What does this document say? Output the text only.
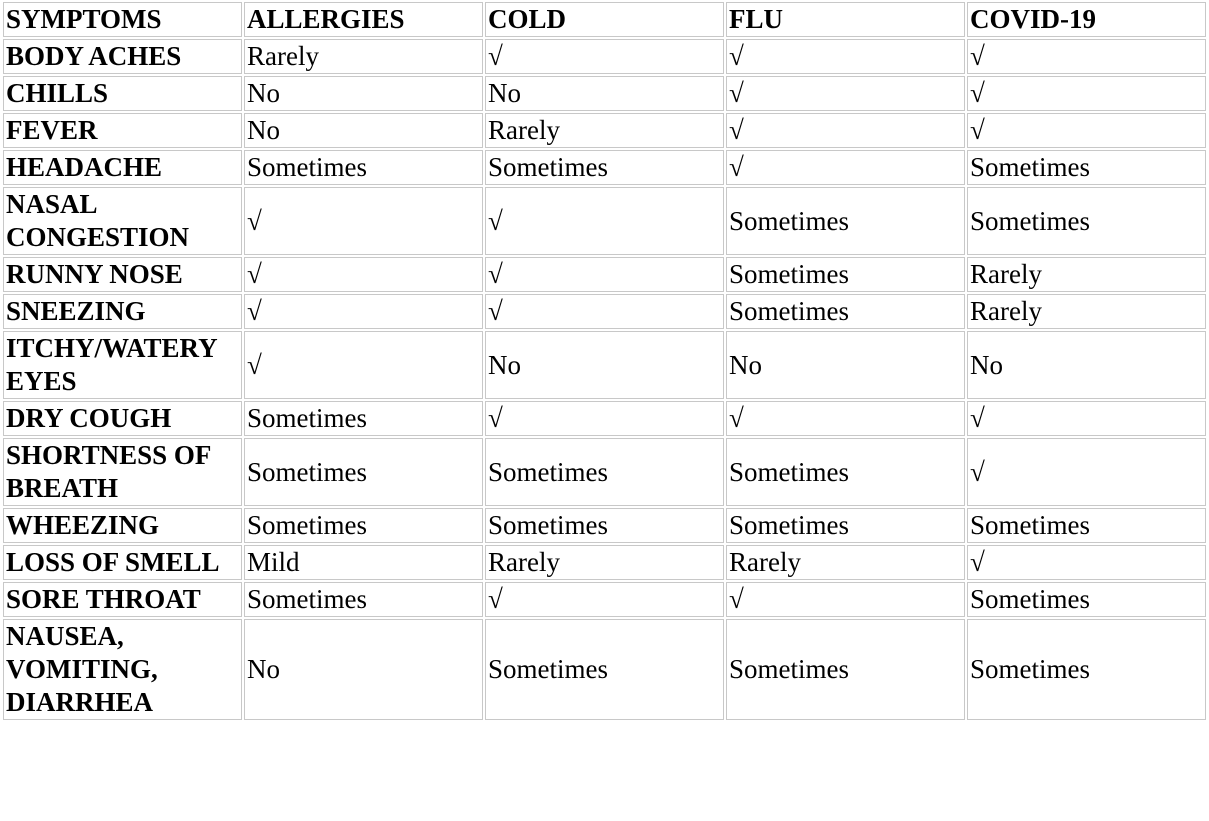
SYMPTOMS	ALLERGIES	COLD	FLU	COVID-19
BODY ACHES	Rarely	√	√	√
CHILLS	No	No	√	√
FEVER	No	Rarely	√	√
HEADACHE	Sometimes	Sometimes	√	Sometimes
NASAL CONGESTION	√	√	Sometimes	Sometimes
RUNNY NOSE	√	√	Sometimes	Rarely
SNEEZING	√	√	Sometimes	Rarely
ITCHY/WATERY EYES	√	No	No	No
DRY COUGH	Sometimes	√	√	√
SHORTNESS OF BREATH	Sometimes	Sometimes	Sometimes	√
WHEEZING	Sometimes	Sometimes	Sometimes	Sometimes
LOSS OF SMELL	Mild	Rarely	Rarely	√
SORE THROAT	Sometimes	√	√	Sometimes
NAUSEA, VOMITING, DIARRHEA	No	Sometimes	Sometimes	Sometimes
